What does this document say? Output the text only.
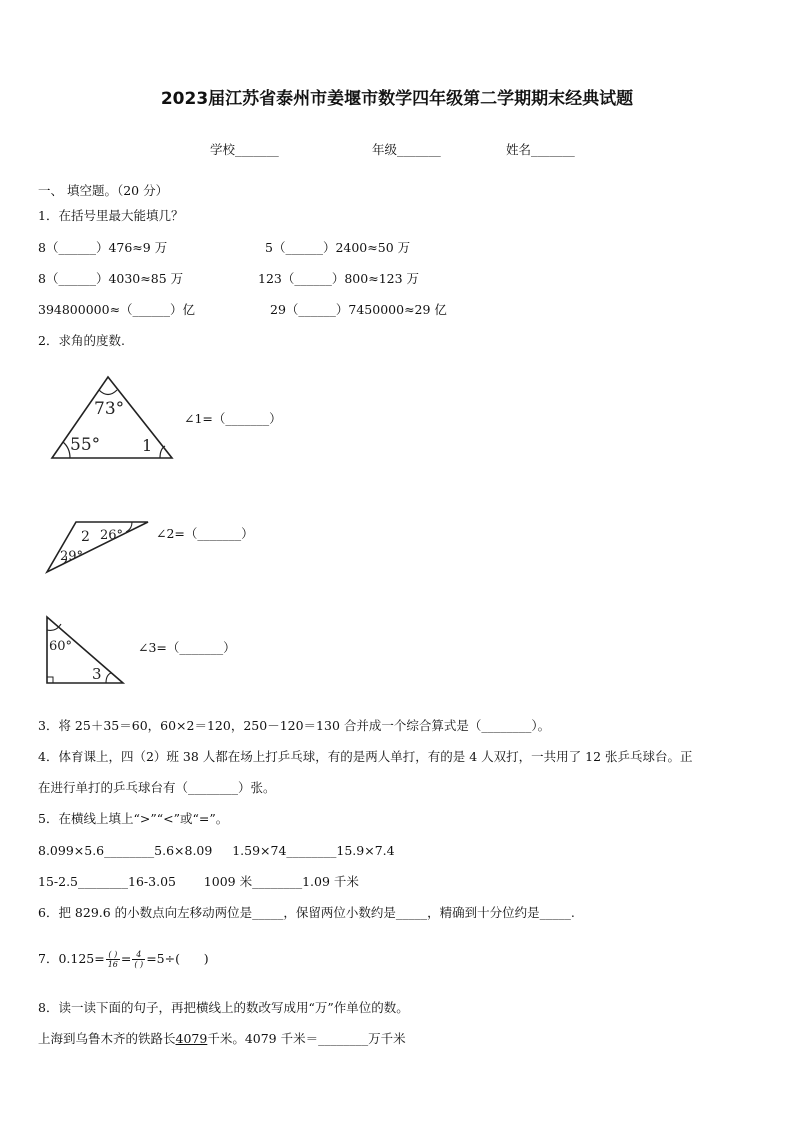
2023届江苏省泰州市姜堰市数学四年级第二学期期末经典试题
学校_______	年级_______	姓名_______
一、 填空题。（20 分）
1．在括号里最大能填几？
8（______）476≈9 万	5（______）2400≈50 万
8（______）4030≈85 万	123（______）800≈123 万
394800000≈（______）亿	29（______）7450000≈29 亿
2．求角的度数.
73°
55°	1
∠1=（_______）
2 26°
29°
∠2=（_______）
60°
3
∠3=（_______）
3．将 25＋35＝60，60×2＝120，250－120＝130 合并成一个综合算式是（________）。
4．体育课上，四（2）班 38 人都在场上打乒乓球，有的是两人单打，有的是 4 人双打，一共用了 12 张乒乓球台。正
在进行单打的乒乓球台有（________）张。
5．在横线上填上“>”“<”或“=”。
8.099×5.6________5.6×8.09     1.59×74________15.9×7.4
15-2.5________16-3.05       1009 米________1.09 千米
6．把 829.6 的小数点向左移动两位是_____，保留两位小数约是_____，精确到十分位约是_____.
7．$0.125= \frac{( )}{16} = \frac{4}{( )} =5\div$(      )
8．读一读下面的句子，再把横线上的数改写成用“万”作单位的数。
上海到乌鲁木齐的铁路长4079千米。4079 千米＝________万千米
